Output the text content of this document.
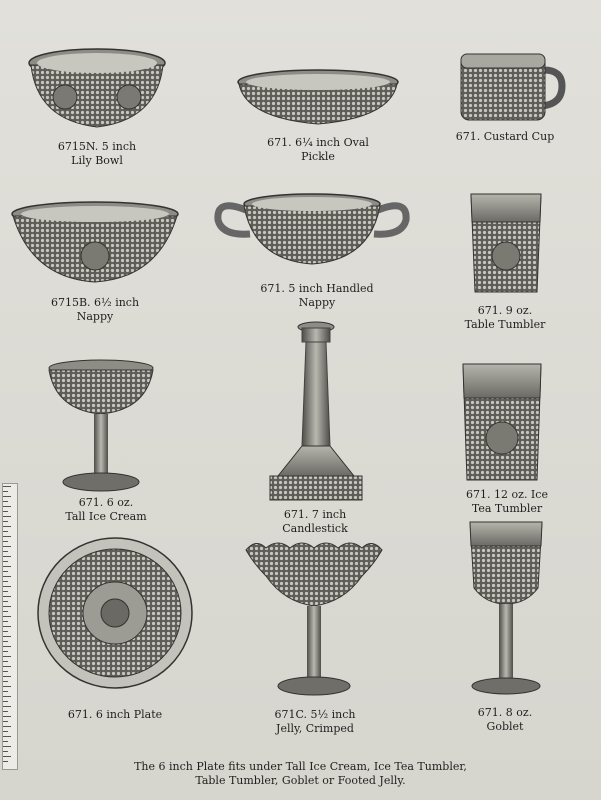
6715N. 5 inch
Lily Bowl
671. 6¼ inch Oval
Pickle
671. Custard Cup
6715B. 6½ inch
Nappy
671. 5 inch Handled
Nappy
671. 9 oz.
Table Tumbler
671. 6 oz.
Tall Ice Cream	671. 7 inch
Candlestick
671. 12 oz. Ice
Tea Tumbler
671. 6 inch Plate	671C. 5½ inch
Jelly, Crimped
671. 8 oz.
Goblet
The 6 inch Plate fits under Tall Ice Cream, Ice Tea Tumbler,
Table Tumbler, Goblet or Footed Jelly.
